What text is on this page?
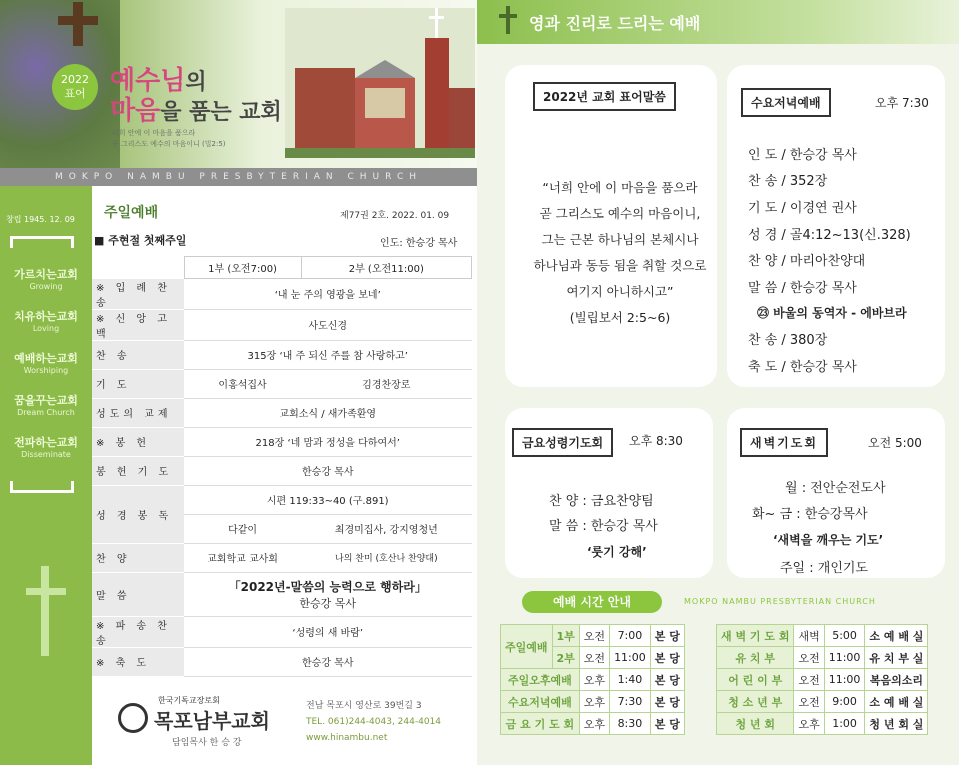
2022
표어 예수님의
마음을 품는 교회
너희 안에 이 마음을 품으라
곧 그리스도 예수의 마음이니 (빌2:5)
MOKPO NAMBU PRESBYTERIAN CHURCH
창립 1945. 12. 09
가르치는교회
Growing
치유하는교회
Loving
예배하는교회
Worshiping
꿈을꾸는교회
Dream Church
전파하는교회
Disseminate
주일예배	제77권 2호. 2022. 01. 09
■ 주현절 첫째주일	인도: 한승강 목사
	1부 (오전7:00)	2부 (오전11:00)
※ 입 례 찬 송	‘내 눈 주의 영광을 보네’	
※ 신 앙 고 백	사도신경	
찬 송	315장 ‘내 주 되신 주를 참 사랑하고’	
기 도	이홍석집사	김경찬장로
성도의 교제	교회소식 / 새가족환영	
※ 봉 헌	218장 ‘네 맘과 정성을 다하여서’	
봉 헌 기 도	한승강 목사	
성 경 봉 독	시편 119:33~40 (구.891)	
	다같이	최경미집사, 강지영청년
찬 양	교회학교 교사회	나의 찬미 (호산나 찬양대)
말 씀	「2022년-말씀의 능력으로 행하라」
한승강 목사	

※ 파 송 찬 송	‘성령의 새 바람’	
※ 축 도	한승강 목사	
한국기독교장로회
목포남부교회
담임목사 한 승 강
전남 목포시 영산로 39번길 3
TEL. 061)244-4043, 244-4014
www.hinambu.net
영과 진리로 드리는 예배
2022년 교회 표어말씀
“너희 안에 이 마음을 품으라
곧 그리스도 예수의 마음이니,
그는 근본 하나님의 본체시나
하나님과 동등 됨을 취할 것으로
여기지 아니하시고”
(빌립보서 2:5~6)
수요저녁예배	오후 7:30
인 도 / 한승강 목사
찬 송 / 352장
기 도 / 이경연 권사
성 경 / 골4:12~13(신.328)
찬 양 / 마리아찬양대
말 씀 / 한승강 목사
㉓ 바울의 동역자 - 에바브라
찬 송 / 380장
축 도 / 한승강 목사
금요성령기도회	오후 8:30
찬 양 : 금요찬양팀
말 씀 : 한승강 목사
‘룻기 강해’
새벽기도회	오전 5:00
월 : 전안순전도사
화~ 금 : 한승강목사
‘새벽을 깨우는 기도’
주일 : 개인기도
예배 시간 안내	MOKPO NAMBU PRESBYTERIAN CHURCH
주일예배	1부	오전	7:00	본 당
	2부	오전	11:00	본 당
주일오후예배		오후	1:40	본 당
수요저녁예배		오후	7:30	본 당
금 요 기 도 회		오후	8:30	본 당
새 벽 기 도 회	새벽	5:00	소 예 배 실
유 치 부	오전	11:00	유 치 부 실
어 린 이 부	오전	11:00	복음의소리
청 소 년 부	오전	9:00	소 예 배 실
청 년 회	오후	1:00	청 년 회 실
